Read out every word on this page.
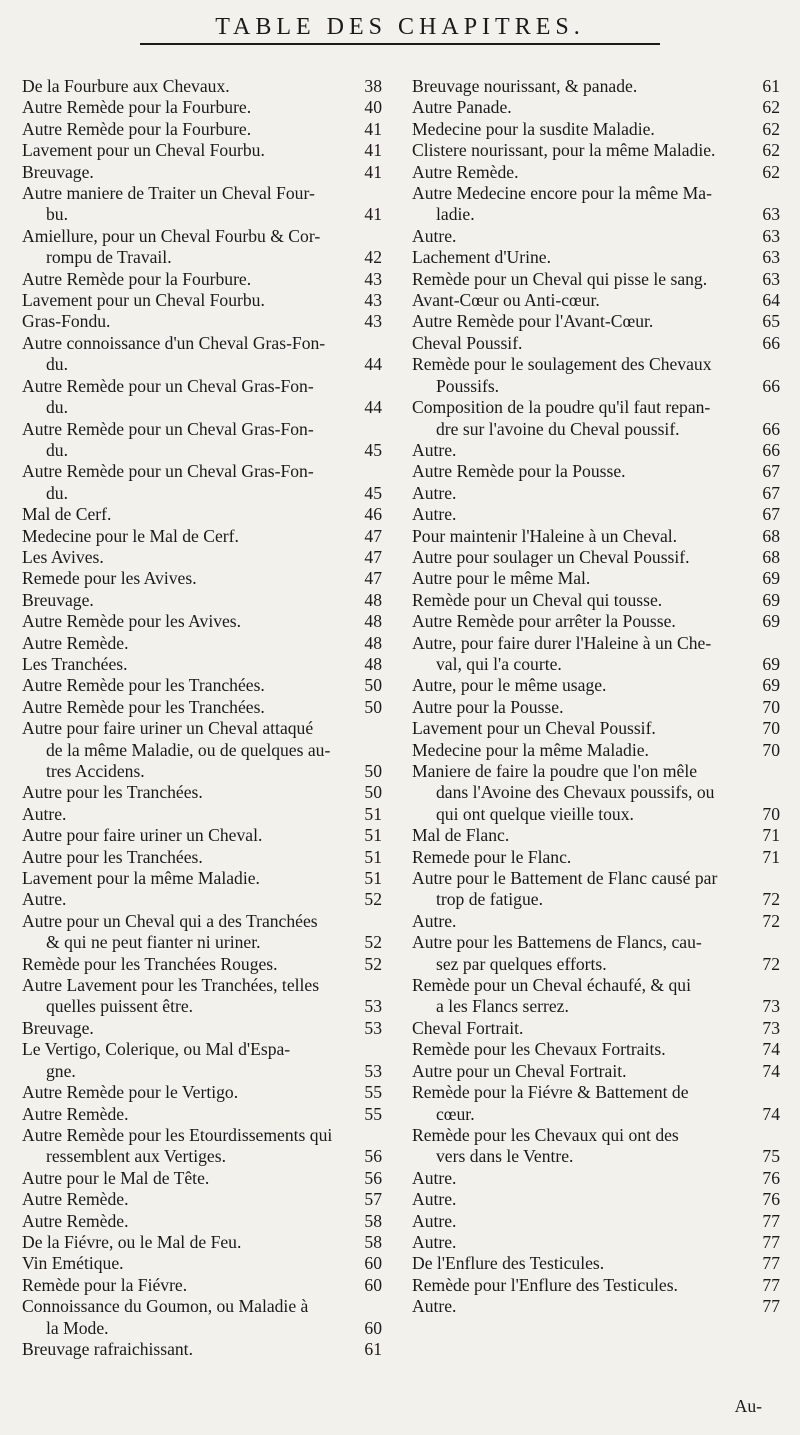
TABLE DES CHAPITRES.
De la Fourbure aux Chevaux.	38
Autre Remède pour la Fourbure.	40
Autre Remède pour la Fourbure.	41
Lavement pour un Cheval Fourbu.	41
Breuvage.	41
Autre maniere de Traiter un Cheval Four-
bu.	41
Amiellure, pour un Cheval Fourbu & Cor-
rompu de Travail.	42
Autre Remède pour la Fourbure.	43
Lavement pour un Cheval Fourbu.	43
Gras-Fondu.	43
Autre connoissance d'un Cheval Gras-Fon-
du.	44
Autre Remède pour un Cheval Gras-Fon-
du.	44
Autre Remède pour un Cheval Gras-Fon-
du.	45
Autre Remède pour un Cheval Gras-Fon-
du.	45
Mal de Cerf.	46
Medecine pour le Mal de Cerf.	47
Les Avives.	47
Remede pour les Avives.	47
Breuvage.	48
Autre Remède pour les Avives.	48
Autre Remède.	48
Les Tranchées.	48
Autre Remède pour les Tranchées.	50
Autre Remède pour les Tranchées.	50
Autre pour faire uriner un Cheval attaqué
de la même Maladie, ou de quelques au-
tres Accidens.	50
Autre pour les Tranchées.	50
Autre.	51
Autre pour faire uriner un Cheval.	51
Autre pour les Tranchées.	51
Lavement pour la même Maladie.	51
Autre.	52
Autre pour un Cheval qui a des Tranchées
& qui ne peut fianter ni uriner.	52
Remède pour les Tranchées Rouges.	52
Autre Lavement pour les Tranchées, telles
quelles puissent être.	53
Breuvage.	53
Le Vertigo, Colerique, ou Mal d'Espa-
gne.	53
Autre Remède pour le Vertigo.	55
Autre Remède.	55
Autre Remède pour les Etourdissements qui
ressemblent aux Vertiges.	56
Autre pour le Mal de Tête.	56
Autre Remède.	57
Autre Remède.	58
De la Fiévre, ou le Mal de Feu.	58
Vin Emétique.	60
Remède pour la Fiévre.	60
Connoissance du Goumon, ou Maladie à
la Mode.	60
Breuvage rafraichissant.	61
Breuvage nourissant, & panade.	61
Autre Panade.	62
Medecine pour la susdite Maladie.	62
Clistere nourissant, pour la même Maladie.	62
Autre Remède.	62
Autre Medecine encore pour la même Ma-
ladie.	63
Autre.	63
Lachement d'Urine.	63
Remède pour un Cheval qui pisse le sang.	63
Avant-Cœur ou Anti-cœur.	64
Autre Remède pour l'Avant-Cœur.	65
Cheval Poussif.	66
Remède pour le soulagement des Chevaux
Poussifs.	66
Composition de la poudre qu'il faut repan-
dre sur l'avoine du Cheval poussif.	66
Autre.	66
Autre Remède pour la Pousse.	67
Autre.	67
Autre.	67
Pour maintenir l'Haleine à un Cheval.	68
Autre pour soulager un Cheval Poussif.	68
Autre pour le même Mal.	69
Remède pour un Cheval qui tousse.	69
Autre Remède pour arrêter la Pousse.	69
Autre, pour faire durer l'Haleine à un Che-
val, qui l'a courte.	69
Autre, pour le même usage.	69
Autre pour la Pousse.	70
Lavement pour un Cheval Poussif.	70
Medecine pour la même Maladie.	70
Maniere de faire la poudre que l'on mêle
dans l'Avoine des Chevaux poussifs, ou
qui ont quelque vieille toux.	70
Mal de Flanc.	71
Remede pour le Flanc.	71
Autre pour le Battement de Flanc causé par
trop de fatigue.	72
Autre.	72
Autre pour les Battemens de Flancs, cau-
sez par quelques efforts.	72
Remède pour un Cheval échaufé, & qui
a les Flancs serrez.	73
Cheval Fortrait.	73
Remède pour les Chevaux Fortraits.	74
Autre pour un Cheval Fortrait.	74
Remède pour la Fiévre & Battement de
cœur.	74
Remède pour les Chevaux qui ont des
vers dans le Ventre.	75
Autre.	76
Autre.	76
Autre.	77
Autre.	77
De l'Enflure des Testicules.	77
Remède pour l'Enflure des Testicules.	77
Autre.	77
Au-
